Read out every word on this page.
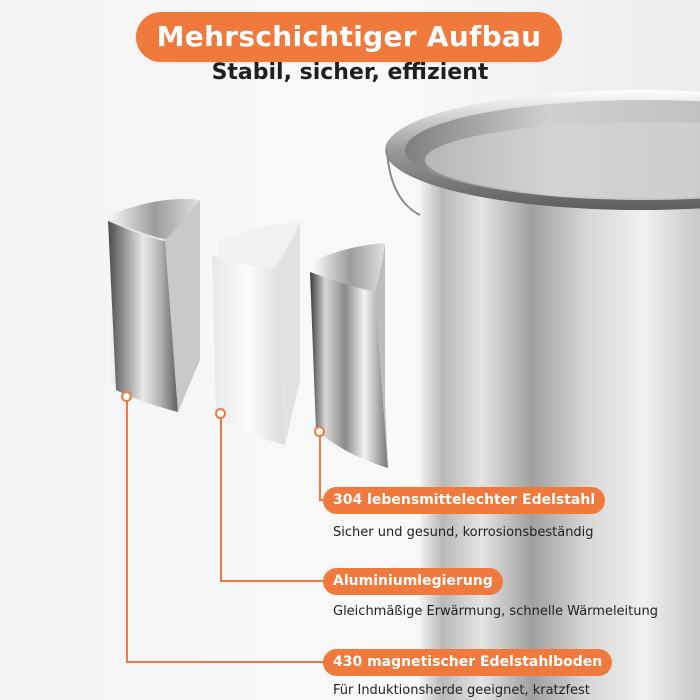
Mehrschichtiger Aufbau
Stabil, sicher, effizient
304 lebensmittelechter Edelstahl
Sicher und gesund, korrosionsbeständig
Aluminiumlegierung
Gleichmäßige Erwärmung, schnelle Wärmeleitung
430 magnetischer Edelstahlboden
Für Induktionsherde geeignet, kratzfest
